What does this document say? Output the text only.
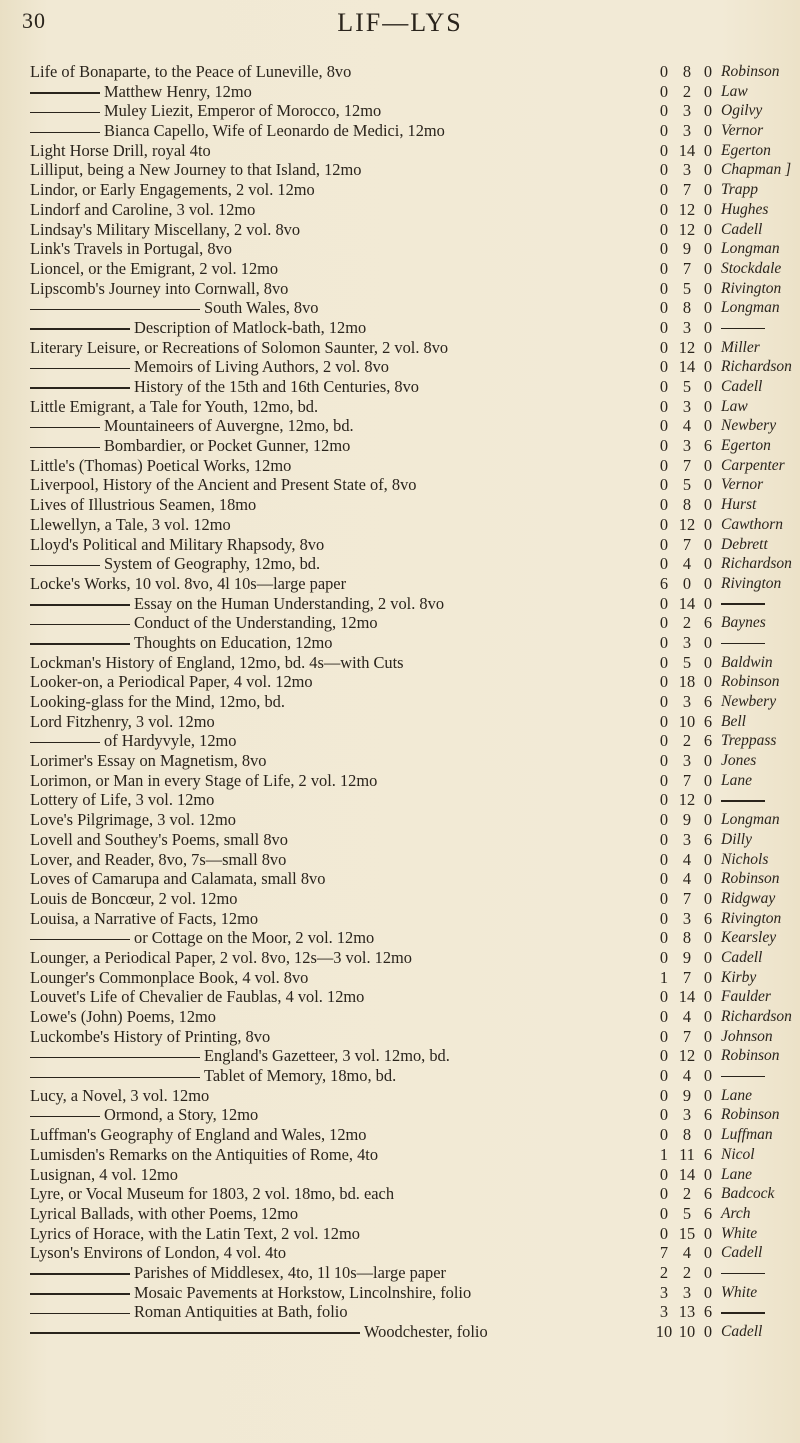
30	LIF—LYS
Life of Bonaparte, to the Peace of Luneville, 8vo	0 8 0 Robinson
Matthew Henry, 12mo	0 2 0 Law
Muley Liezit, Emperor of Morocco, 12mo	0 3 0 Ogilvy
Bianca Capello, Wife of Leonardo de Medici, 12mo	0 3 0 Vernor
Light Horse Drill, royal 4to	0 14 0 Egerton
Lilliput, being a New Journey to that Island, 12mo	0 3 0 Chapman ]
Lindor, or Early Engagements, 2 vol. 12mo	0 7 0 Trapp
Lindorf and Caroline, 3 vol. 12mo	0 12 0 Hughes
Lindsay's Military Miscellany, 2 vol. 8vo	0 12 0 Cadell
Link's Travels in Portugal, 8vo	0 9 0 Longman
Lioncel, or the Emigrant, 2 vol. 12mo	0 7 0 Stockdale
Lipscomb's Journey into Cornwall, 8vo	0 5 0 Rivington
South Wales, 8vo	0 8 0 Longman
Description of Matlock-bath, 12mo	0 3 0
Literary Leisure, or Recreations of Solomon Saunter, 2 vol. 8vo	0 12 0 Miller
Memoirs of Living Authors, 2 vol. 8vo	0 14 0 Richardson
History of the 15th and 16th Centuries, 8vo	0 5 0 Cadell
Little Emigrant, a Tale for Youth, 12mo, bd.	0 3 0 Law
Mountaineers of Auvergne, 12mo, bd.	0 4 0 Newbery
Bombardier, or Pocket Gunner, 12mo	0 3 6 Egerton
Little's (Thomas) Poetical Works, 12mo	0 7 0 Carpenter
Liverpool, History of the Ancient and Present State of, 8vo	0 5 0 Vernor
Lives of Illustrious Seamen, 18mo	0 8 0 Hurst
Llewellyn, a Tale, 3 vol. 12mo	0 12 0 Cawthorn
Lloyd's Political and Military Rhapsody, 8vo	0 7 0 Debrett
System of Geography, 12mo, bd.	0 4 0 Richardson
Locke's Works, 10 vol. 8vo, 4l 10s—large paper	6 0 0 Rivington
Essay on the Human Understanding, 2 vol. 8vo	0 14 0
Conduct of the Understanding, 12mo	0 2 6 Baynes
Thoughts on Education, 12mo	0 3 0
Lockman's History of England, 12mo, bd. 4s—with Cuts	0 5 0 Baldwin
Looker-on, a Periodical Paper, 4 vol. 12mo	0 18 0 Robinson
Looking-glass for the Mind, 12mo, bd.	0 3 6 Newbery
Lord Fitzhenry, 3 vol. 12mo	0 10 6 Bell
of Hardyvyle, 12mo	0 2 6 Treppass
Lorimer's Essay on Magnetism, 8vo	0 3 0 Jones
Lorimon, or Man in every Stage of Life, 2 vol. 12mo	0 7 0 Lane
Lottery of Life, 3 vol. 12mo	0 12 0
Love's Pilgrimage, 3 vol. 12mo	0 9 0 Longman
Lovell and Southey's Poems, small 8vo	0 3 6 Dilly
Lover, and Reader, 8vo, 7s—small 8vo	0 4 0 Nichols
Loves of Camarupa and Calamata, small 8vo	0 4 0 Robinson
Louis de Boncœur, 2 vol. 12mo	0 7 0 Ridgway
Louisa, a Narrative of Facts, 12mo	0 3 6 Rivington
or Cottage on the Moor, 2 vol. 12mo	0 8 0 Kearsley
Lounger, a Periodical Paper, 2 vol. 8vo, 12s—3 vol. 12mo	0 9 0 Cadell
Lounger's Commonplace Book, 4 vol. 8vo	1 7 0 Kirby
Louvet's Life of Chevalier de Faublas, 4 vol. 12mo	0 14 0 Faulder
Lowe's (John) Poems, 12mo	0 4 0 Richardson
Luckombe's History of Printing, 8vo	0 7 0 Johnson
England's Gazetteer, 3 vol. 12mo, bd.	0 12 0 Robinson
Tablet of Memory, 18mo, bd.	0 4 0
Lucy, a Novel, 3 vol. 12mo	0 9 0 Lane
Ormond, a Story, 12mo	0 3 6 Robinson
Luffman's Geography of England and Wales, 12mo	0 8 0 Luffman
Lumisden's Remarks on the Antiquities of Rome, 4to	1 11 6 Nicol
Lusignan, 4 vol. 12mo	0 14 0 Lane
Lyre, or Vocal Museum for 1803, 2 vol. 18mo, bd. each	0 2 6 Badcock
Lyrical Ballads, with other Poems, 12mo	0 5 6 Arch
Lyrics of Horace, with the Latin Text, 2 vol. 12mo	0 15 0 White
Lyson's Environs of London, 4 vol. 4to	7 4 0 Cadell
Parishes of Middlesex, 4to, 1l 10s—large paper	2 2 0
Mosaic Pavements at Horkstow, Lincolnshire, folio	3 3 0 White
Roman Antiquities at Bath, folio	3 13 6
Woodchester, folio	10 10 0 Cadell
